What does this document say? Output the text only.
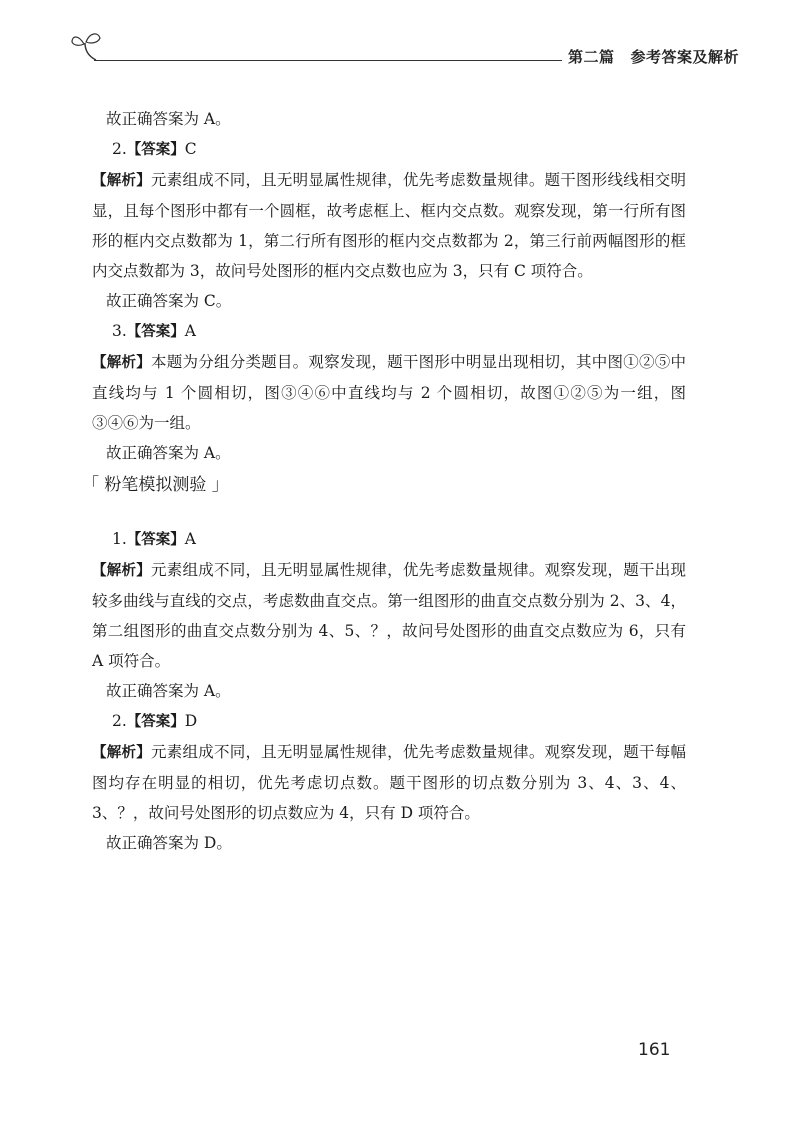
第二篇 参考答案及解析

故正确答案为 A。

2.【答案】C

【解析】元素组成不同，且无明显属性规律，优先考虑数量规律。题干图形线线相交明显，且每个图形中都有一个圆框，故考虑框上、框内交点数。观察发现，第一行所有图形的框内交点数都为 1，第二行所有图形的框内交点数都为 2，第三行前两幅图形的框内交点数都为 3，故问号处图形的框内交点数也应为 3，只有 C 项符合。

故正确答案为 C。

3.【答案】A

【解析】本题为分组分类题目。观察发现，题干图形中明显出现相切，其中图①②⑤中直线均与 1 个圆相切，图③④⑥中直线均与 2 个圆相切，故图①②⑤为一组，图③④⑥为一组。

故正确答案为 A。

「 粉笔模拟测验 」

1.【答案】A

【解析】元素组成不同，且无明显属性规律，优先考虑数量规律。观察发现，题干出现较多曲线与直线的交点，考虑数曲直交点。第一组图形的曲直交点数分别为 2、3、4，第二组图形的曲直交点数分别为 4、5、？，故问号处图形的曲直交点数应为 6，只有 A 项符合。

故正确答案为 A。

2.【答案】D

【解析】元素组成不同，且无明显属性规律，优先考虑数量规律。观察发现，题干每幅图均存在明显的相切，优先考虑切点数。题干图形的切点数分别为 3、4、3、4、3、？，故问号处图形的切点数应为 4，只有 D 项符合。

故正确答案为 D。

161
